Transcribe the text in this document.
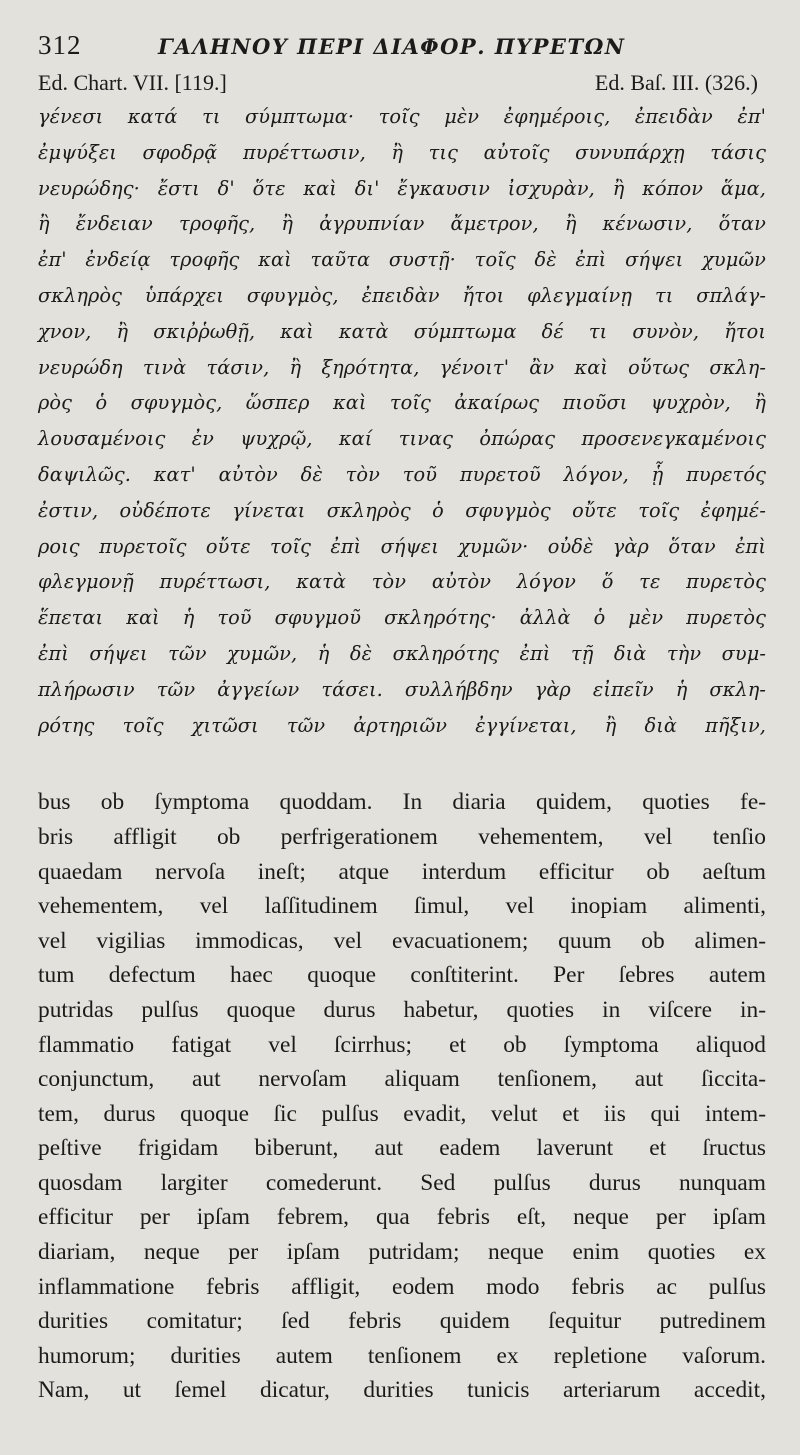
312	ΓΑΛΗΝΟΥ ΠΕΡΙ ΔΙΑΦΟΡ. ΠΥΡΕΤΩΝ
Ed. Chart. VII. [119.]	Ed. Baſ. III. (326.)
γένεσι κατά τι σύμπτωμα· τοῖς μὲν ἐφημέροις, ἐπειδὰν ἐπ'
ἐμψύξει σφοδρᾷ πυρέττωσιν, ἢ τις αὐτοῖς συνυπάρχῃ τάσις
νευρώδης· ἔστι δ' ὅτε καὶ δι' ἔγκαυσιν ἰσχυρὰν, ἢ κόπον ἅμα,
ἢ ἔνδειαν τροφῆς, ἢ ἀγρυπνίαν ἄμετρον, ἢ κένωσιν, ὅταν
ἐπ' ἐνδείᾳ τροφῆς καὶ ταῦτα συστῇ· τοῖς δὲ ἐπὶ σήψει χυμῶν
σκληρὸς ὑπάρχει σφυγμὸς, ἐπειδὰν ἤτοι φλεγμαίνῃ τι σπλάγ-
χνον, ἢ σκιῤῥωθῇ, καὶ κατὰ σύμπτωμα δέ τι συνὸν, ἤτοι
νευρώδη τινὰ τάσιν, ἢ ξηρότητα, γένοιτ' ἂν καὶ οὕτως σκλη-
ρὸς ὁ σφυγμὸς, ὥσπερ καὶ τοῖς ἀκαίρως πιοῦσι ψυχρὸν, ἢ
λουσαμένοις ἐν ψυχρῷ, καί τινας ὀπώρας προσενεγκαμένοις
δαψιλῶς. κατ' αὐτὸν δὲ τὸν τοῦ πυρετοῦ λόγον, ᾗ πυρετός
ἐστιν, οὐδέποτε γίνεται σκληρὸς ὁ σφυγμὸς οὔτε τοῖς ἐφημέ-
ροις πυρετοῖς οὔτε τοῖς ἐπὶ σήψει χυμῶν· οὐδὲ γὰρ ὅταν ἐπὶ
φλεγμονῇ πυρέττωσι, κατὰ τὸν αὐτὸν λόγον ὅ τε πυρετὸς
ἕπεται καὶ ἡ τοῦ σφυγμοῦ σκληρότης· ἀλλὰ ὁ μὲν πυρετὸς
ἐπὶ σήψει τῶν χυμῶν, ἡ δὲ σκληρότης ἐπὶ τῇ διὰ τὴν συμ-
πλήρωσιν τῶν ἀγγείων τάσει. συλλήβδην γὰρ εἰπεῖν ἡ σκλη-
ρότης τοῖς χιτῶσι τῶν ἀρτηριῶν ἐγγίνεται, ἢ διὰ πῆξιν,
bus ob ſymptoma quoddam. In diaria quidem, quoties fe-
bris affligit ob perfrigerationem vehementem, vel tenſio
quaedam nervoſa ineſt; atque interdum efficitur ob aeſtum
vehementem, vel laſſitudinem ſimul, vel inopiam alimenti,
vel vigilias immodicas, vel evacuationem; quum ob alimen-
tum defectum haec quoque conſtiterint. Per ſebres autem
putridas pulſus quoque durus habetur, quoties in viſcere in-
flammatio fatigat vel ſcirrhus; et ob ſymptoma aliquod
conjunctum, aut nervoſam aliquam tenſionem, aut ſiccita-
tem, durus quoque ſic pulſus evadit, velut et iis qui intem-
peſtive frigidam biberunt, aut eadem laverunt et ſructus
quosdam largiter comederunt. Sed pulſus durus nunquam
efficitur per ipſam febrem, qua febris eſt, neque per ipſam
diariam, neque per ipſam putridam; neque enim quoties ex
inflammatione febris affligit, eodem modo febris ac pulſus
durities comitatur; ſed febris quidem ſequitur putredinem
humorum; durities autem tenſionem ex repletione vaſorum.
Nam, ut ſemel dicatur, durities tunicis arteriarum accedit,
